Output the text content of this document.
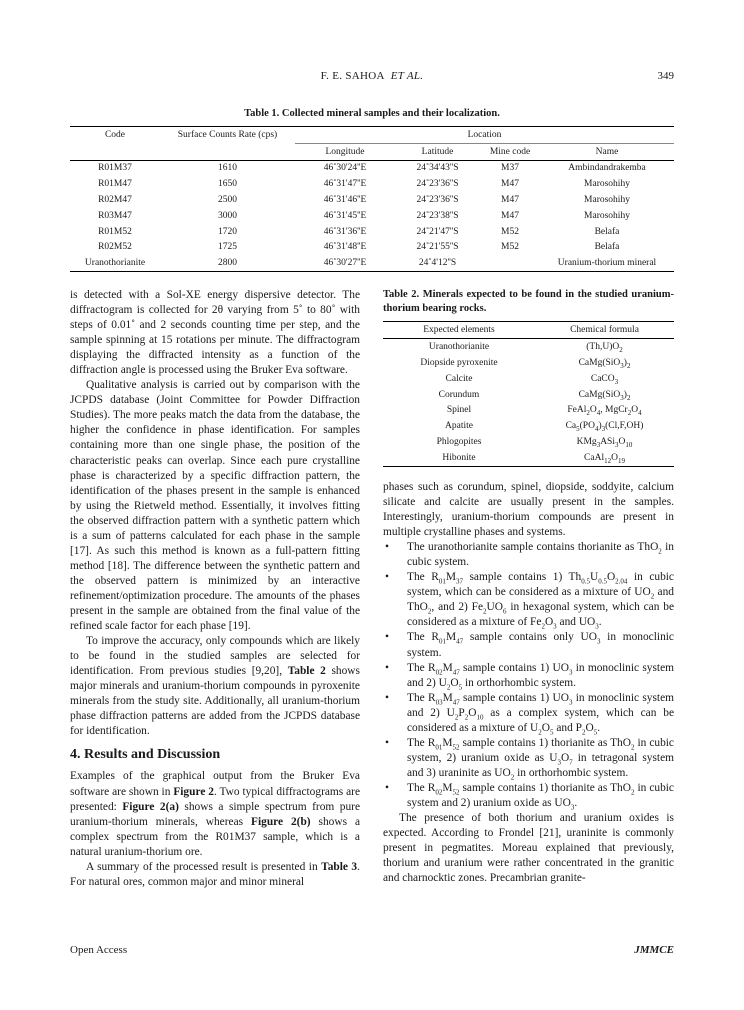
F. E. SAHOA ET AL.	349
Table 1. Collected mineral samples and their localization.
Code	Surface Counts Rate (cps)	Location			
		Longitude	Latitude	Mine code	Name
R01M37	1610	46˚30'24''E	24˚34'43''S	M37	Ambindandrakemba
R01M47	1650	46˚31'47''E	24˚23'36''S	M47	Marosohihy
R02M47	2500	46˚31'46''E	24˚23'36''S	M47	Marosohihy
R03M47	3000	46˚31'45''E	24˚23'38''S	M47	Marosohihy
R01M52	1720	46˚31'36''E	24˚21'47''S	M52	Belafa
R02M52	1725	46˚31'48''E	24˚21'55''S	M52	Belafa
Uranothorianite	2800	46˚30'27''E	24˚4'12''S		Uranium-thorium mineral

is detected with a Sol-XE energy dispersive detector. The diffractogram is collected for 2θ varying from 5˚ to 80˚ with steps of 0.01˚ and 2 seconds counting time per step, and the sample spinning at 15 rotations per minute. The diffractogram displaying the diffracted intensity as a function of the diffraction angle is processed using the Bruker Eva software.

Qualitative analysis is carried out by comparison with the JCPDS database (Joint Committee for Powder Diffraction Studies). The more peaks match the data from the database, the higher the confidence in phase identification. For samples containing more than one single phase, the position of the characteristic peaks can overlap. Since each pure crystalline phase is characterized by a specific diffraction pattern, the identification of the phases present in the sample is enhanced by using the Rietweld method. Essentially, it involves fitting the observed diffraction pattern with a synthetic pattern which is a sum of patterns calculated for each phase in the sample [17]. As such this method is known as a full-pattern fitting method [18]. The difference between the synthetic pattern and the observed pattern is minimized by an interactive refinement/optimization procedure. The amounts of the phases present in the sample are obtained from the final value of the refined scale factor for each phase [19].

To improve the accuracy, only compounds which are likely to be found in the studied samples are selected for identification. From previous studies [9,20], Table 2 shows major minerals and uranium-thorium compounds in pyroxenite minerals from the study site. Additionally, all uranium-thorium phase diffraction patterns are added from the JCPDS database for identification.

4. Results and Discussion

Examples of the graphical output from the Bruker Eva software are shown in Figure 2. Two typical diffractograms are presented: Figure 2(a) shows a simple spectrum from pure uranium-thorium minerals, whereas Figure 2(b) shows a complex spectrum from the R01M37 sample, which is a natural uranium-thorium ore.

A summary of the processed result is presented in Table 3. For natural ores, common major and minor mineral

Table 2. Minerals expected to be found in the studied uranium-thorium bearing rocks.
Expected elements	Chemical formula
Uranothorianite	$(Th,U)O_2$
Diopside pyroxenite	$CaMg(SiO_3)_2$
Calcite	CaCO$_3$
Corundum	$CaMg(SiO_3)_2$
Spinel	$FeAl_2O_4$, $MgCr_2O_4$
Apatite	$Ca_5(PO_4)_3(Cl,F,OH)$
Phlogopites	$KMg_3ASi_3O_{10}$
Hibonite	$CaAl_{12}O_{19}$

phases such as corundum, spinel, diopside, soddyite, calcium silicate and calcite are usually present in the samples. Interestingly, uranium-thorium compounds are present in multiple crystalline phases and systems.

• The uranothorianite sample contains thorianite as ThO$_2$ in cubic system.
• The $R_{01}M_{37}$ sample contains 1) $Th_{0.5}U_{0.5}O_{2.04}$ in cubic system, which can be considered as a mixture of $UO_2$ and ThO$_2$, and 2) $Fe_2UO_6$ in hexagonal system, which can be considered as a mixture of $Fe_2O_3$ and $UO_3$.
• The $R_{01}M_{47}$ sample contains only $UO_3$ in monoclinic system.
• The $R_{02}M_{47}$ sample contains 1) $UO_3$ in monoclinic system and 2) $U_2O_5$ in orthorhombic system.
• The $R_{03}M_{47}$ sample contains 1) $UO_3$ in monoclinic system and 2) $U_2P_2O_{10}$ as a complex system, which can be considered as a mixture of $U_2O_5$ and $P_2O_5$.
• The $R_{01}M_{52}$ sample contains 1) thorianite as ThO$_2$ in cubic system, 2) uranium oxide as $U_3O_7$ in tetragonal system and 3) uraninite as $UO_2$ in orthorhombic system.
• The $R_{02}M_{52}$ sample contains 1) thorianite as ThO$_2$ in cubic system and 2) uranium oxide as $UO_3$.

The presence of both thorium and uranium oxides is expected. According to Frondel [21], uraninite is commonly present in pegmatites. Moreau explained that previously, thorium and uranium were rather concentrated in the granitic and charnocktic zones. Precambrian granite-

Open Access	JMMCE
